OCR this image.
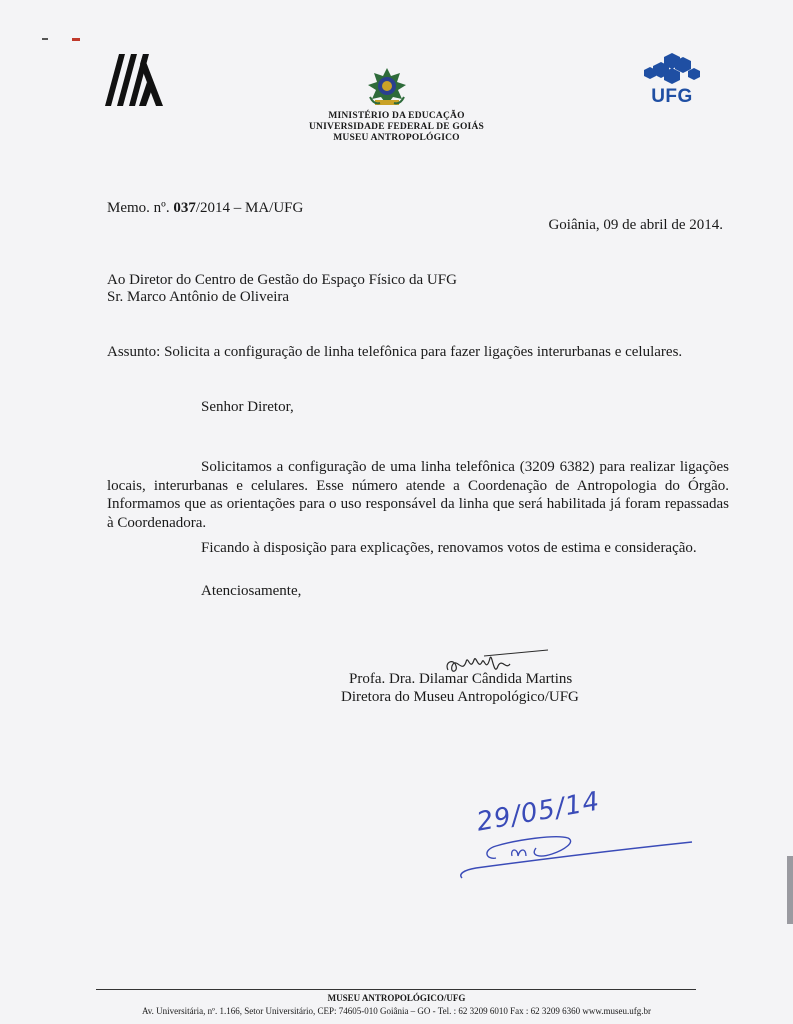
UFG
MINISTÉRIO DA EDUCAÇÃO
UNIVERSIDADE FEDERAL DE GOIÁS
MUSEU ANTROPOLÓGICO
Memo. nº. 037/2014 – MA/UFG
Goiânia, 09 de abril de 2014.
Ao Diretor do Centro de Gestão do Espaço Físico da UFG
Sr. Marco Antônio de Oliveira
Assunto: Solicita a configuração de linha telefônica para fazer ligações interurbanas e celulares.
Senhor Diretor,
Solicitamos a configuração de uma linha telefônica (3209 6382) para realizar ligações locais, interurbanas e celulares. Esse número atende a Coordenação de Antropologia do Órgão. Informamos que as orientações para o uso responsável da linha que será habilitada já foram repassadas à Coordenadora.
Ficando à disposição para explicações, renovamos votos de estima e consideração.
Atenciosamente,
Profa. Dra. Dilamar Cândida Martins
Diretora do Museu Antropológico/UFG
29/05/14
MUSEU ANTROPOLÓGICO/UFG
Av. Universitária, nº. 1.166, Setor Universitário, CEP: 74605-010 Goiânia – GO - Tel. : 62 3209 6010 Fax : 62 3209 6360 www.museu.ufg.br
